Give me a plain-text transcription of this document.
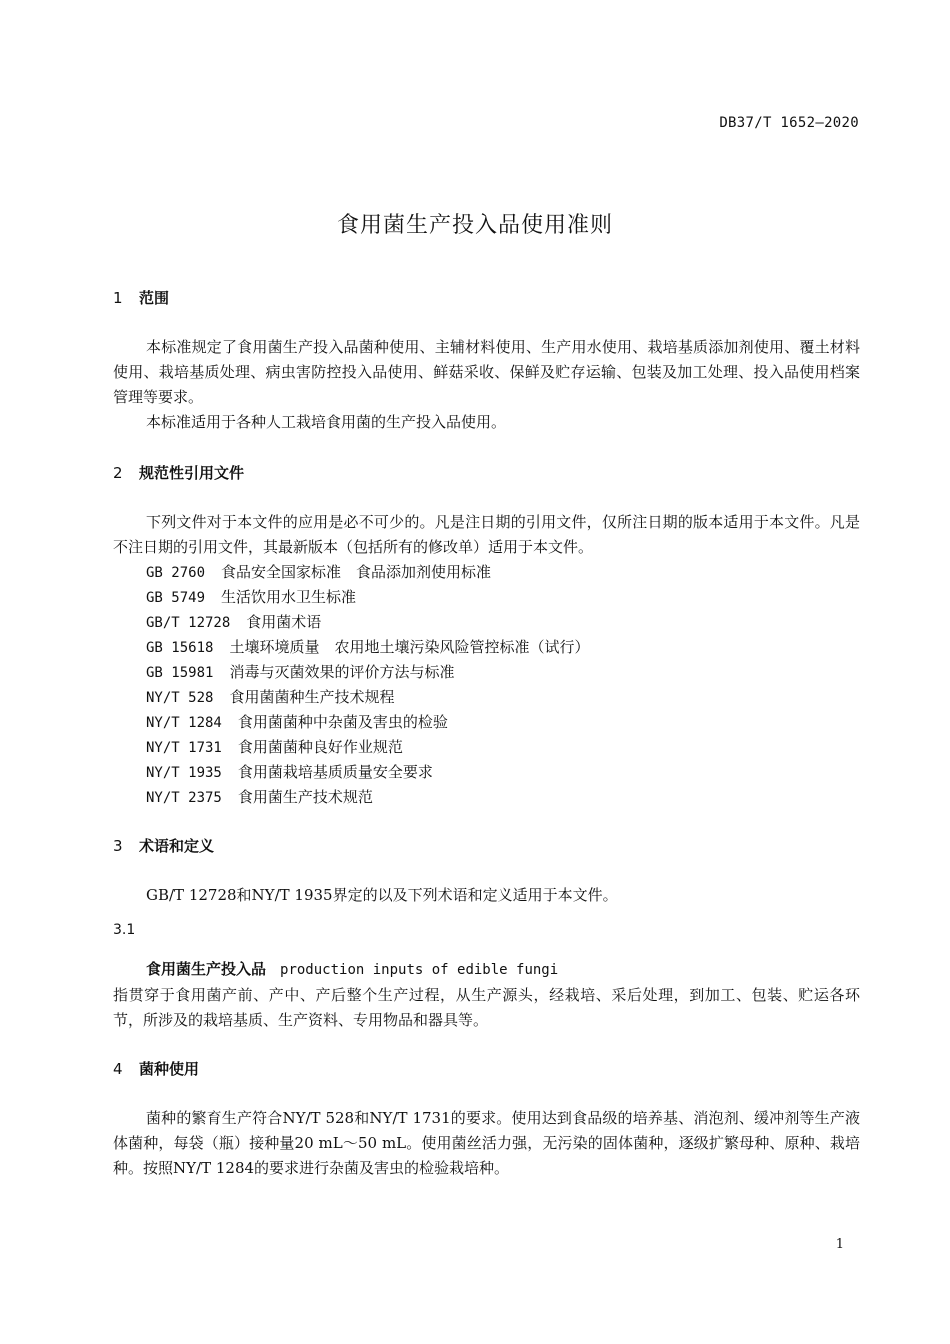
DB37/T 1652—2020
食用菌生产投入品使用准则
1 范围
本标准规定了食用菌生产投入品菌种使用、主辅材料使用、生产用水使用、栽培基质添加剂使用、覆土材料使用、栽培基质处理、病虫害防控投入品使用、鲜菇采收、保鲜及贮存运输、包装及加工处理、投入品使用档案管理等要求。
本标准适用于各种人工栽培食用菌的生产投入品使用。
2 规范性引用文件
下列文件对于本文件的应用是必不可少的。凡是注日期的引用文件，仅所注日期的版本适用于本文件。凡是不注日期的引用文件，其最新版本（包括所有的修改单）适用于本文件。
GB 2760 食品安全国家标准　食品添加剂使用标准
GB 5749 生活饮用水卫生标准
GB/T 12728 食用菌术语
GB 15618 土壤环境质量　农用地土壤污染风险管控标准（试行）
GB 15981 消毒与灭菌效果的评价方法与标准
NY/T 528 食用菌菌种生产技术规程
NY/T 1284 食用菌菌种中杂菌及害虫的检验
NY/T 1731 食用菌菌种良好作业规范
NY/T 1935 食用菌栽培基质质量安全要求
NY/T 2375 食用菌生产技术规范
3 术语和定义
GB/T 12728和NY/T 1935界定的以及下列术语和定义适用于本文件。
3.1
食用菌生产投入品 production inputs of edible fungi
指贯穿于食用菌产前、产中、产后整个生产过程，从生产源头，经栽培、采后处理，到加工、包装、贮运各环节，所涉及的栽培基质、生产资料、专用物品和器具等。
4 菌种使用
菌种的繁育生产符合NY/T 528和NY/T 1731的要求。使用达到食品级的培养基、消泡剂、缓冲剂等生产液体菌种，每袋（瓶）接种量20 mL～50 mL。使用菌丝活力强，无污染的固体菌种，逐级扩繁母种、原种、栽培种。按照NY/T 1284的要求进行杂菌及害虫的检验栽培种。
1
